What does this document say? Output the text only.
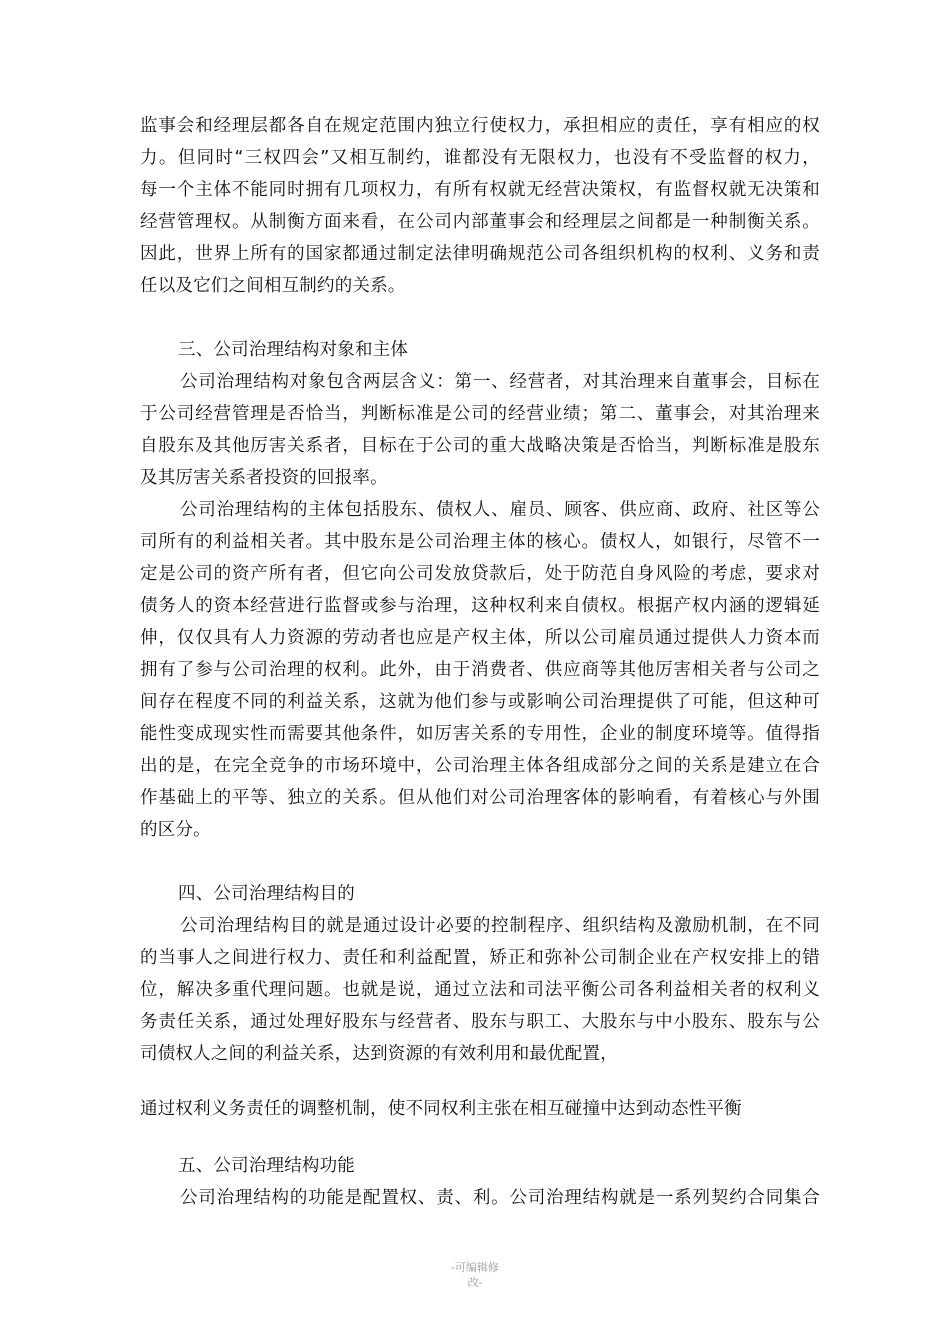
监事会和经理层都各自在规定范围内独立行使权力，承担相应的责任，享有相应的权
力。但同时“三权四会”又相互制约，谁都没有无限权力，也没有不受监督的权力，
每一个主体不能同时拥有几项权力，有所有权就无经营决策权，有监督权就无决策和
经营管理权。从制衡方面来看，在公司内部董事会和经理层之间都是一种制衡关系。
因此，世界上所有的国家都通过制定法律明确规范公司各组织机构的权利、义务和责
任以及它们之间相互制约的关系。
三、公司治理结构对象和主体
公司治理结构对象包含两层含义：第一、经营者，对其治理来自董事会，目标在
于公司经营管理是否恰当，判断标准是公司的经营业绩；第二、董事会，对其治理来
自股东及其他厉害关系者，目标在于公司的重大战略决策是否恰当，判断标准是股东
及其厉害关系者投资的回报率。
公司治理结构的主体包括股东、债权人、雇员、顾客、供应商、政府、社区等公
司所有的利益相关者。其中股东是公司治理主体的核心。债权人，如银行，尽管不一
定是公司的资产所有者，但它向公司发放贷款后，处于防范自身风险的考虑，要求对
债务人的资本经营进行监督或参与治理，这种权利来自债权。根据产权内涵的逻辑延
伸，仅仅具有人力资源的劳动者也应是产权主体，所以公司雇员通过提供人力资本而
拥有了参与公司治理的权利。此外，由于消费者、供应商等其他厉害相关者与公司之
间存在程度不同的利益关系，这就为他们参与或影响公司治理提供了可能，但这种可
能性变成现实性而需要其他条件，如厉害关系的专用性，企业的制度环境等。值得指
出的是，在完全竞争的市场环境中，公司治理主体各组成部分之间的关系是建立在合
作基础上的平等、独立的关系。但从他们对公司治理客体的影响看，有着核心与外围
的区分。
四、公司治理结构目的
公司治理结构目的就是通过设计必要的控制程序、组织结构及激励机制，在不同
的当事人之间进行权力、责任和利益配置，矫正和弥补公司制企业在产权安排上的错
位，解决多重代理问题。也就是说，通过立法和司法平衡公司各利益相关者的权利义
务责任关系，通过处理好股东与经营者、股东与职工、大股东与中小股东、股东与公
司债权人之间的利益关系，达到资源的有效利用和最优配置，
通过权利义务责任的调整机制，使不同权利主张在相互碰撞中达到动态性平衡
五、公司治理结构功能
公司治理结构的功能是配置权、责、利。公司治理结构就是一系列契约合同集合
-可编辑修
改-
